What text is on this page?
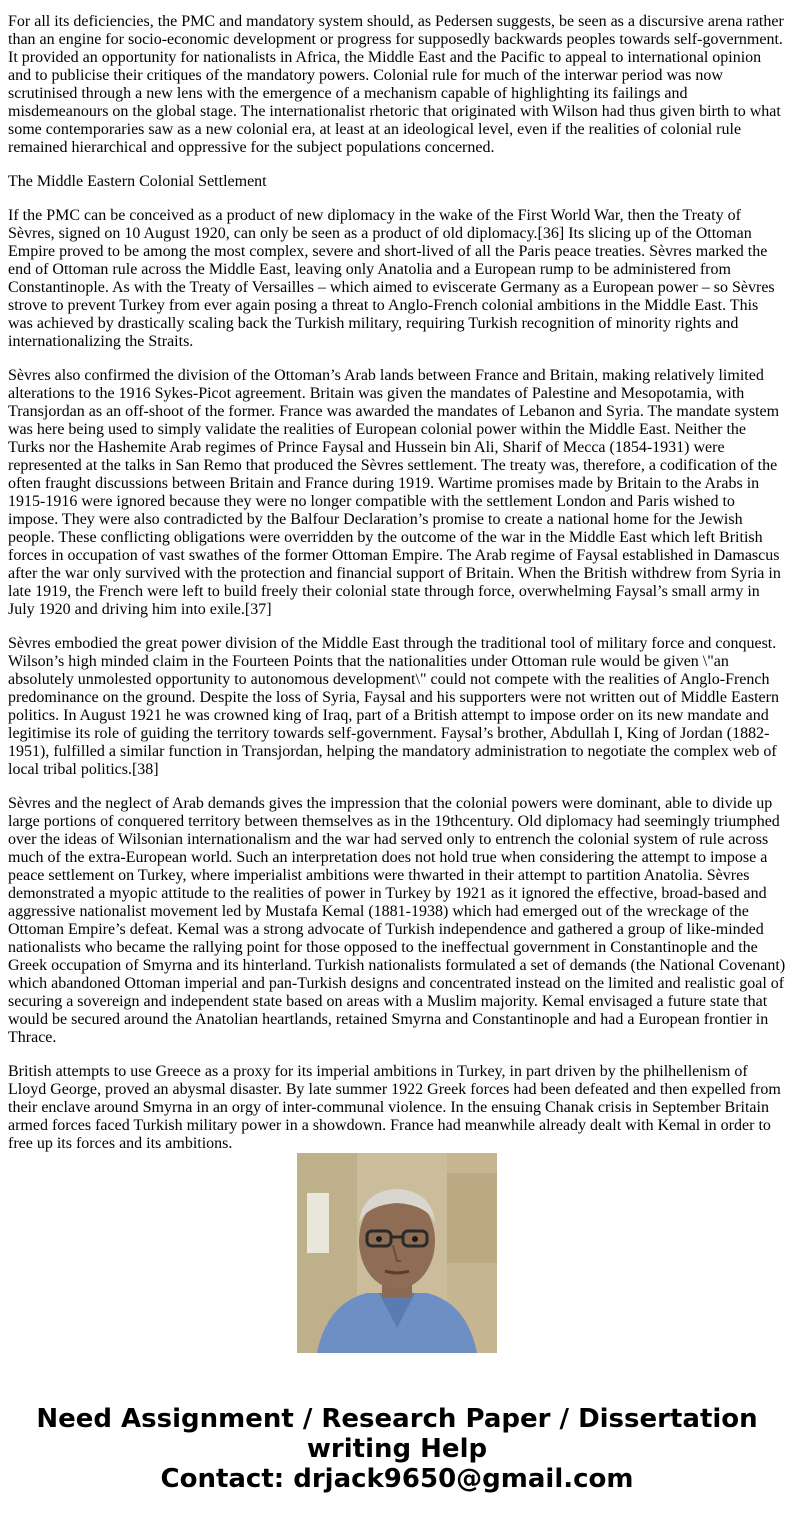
For all its deficiencies, the PMC and mandatory system should, as Pedersen suggests, be seen as a discursive arena rather than an engine for socio-economic development or progress for supposedly backwards peoples towards self-government. It provided an opportunity for nationalists in Africa, the Middle East and the Pacific to appeal to international opinion and to publicise their critiques of the mandatory powers. Colonial rule for much of the interwar period was now scrutinised through a new lens with the emergence of a mechanism capable of highlighting its failings and misdemeanours on the global stage. The internationalist rhetoric that originated with Wilson had thus given birth to what some contemporaries saw as a new colonial era, at least at an ideological level, even if the realities of colonial rule remained hierarchical and oppressive for the subject populations concerned.

The Middle Eastern Colonial Settlement

If the PMC can be conceived as a product of new diplomacy in the wake of the First World War, then the Treaty of Sèvres, signed on 10 August 1920, can only be seen as a product of old diplomacy.[36] Its slicing up of the Ottoman Empire proved to be among the most complex, severe and short-lived of all the Paris peace treaties. Sèvres marked the end of Ottoman rule across the Middle East, leaving only Anatolia and a European rump to be administered from Constantinople. As with the Treaty of Versailles – which aimed to eviscerate Germany as a European power – so Sèvres strove to prevent Turkey from ever again posing a threat to Anglo-French colonial ambitions in the Middle East. This was achieved by drastically scaling back the Turkish military, requiring Turkish recognition of minority rights and internationalizing the Straits.

Sèvres also confirmed the division of the Ottoman’s Arab lands between France and Britain, making relatively limited alterations to the 1916 Sykes-Picot agreement. Britain was given the mandates of Palestine and Mesopotamia, with Transjordan as an off-shoot of the former. France was awarded the mandates of Lebanon and Syria. The mandate system was here being used to simply validate the realities of European colonial power within the Middle East. Neither the Turks nor the Hashemite Arab regimes of Prince Faysal and Hussein bin Ali, Sharif of Mecca (1854-1931) were represented at the talks in San Remo that produced the Sèvres settlement. The treaty was, therefore, a codification of the often fraught discussions between Britain and France during 1919. Wartime promises made by Britain to the Arabs in 1915-1916 were ignored because they were no longer compatible with the settlement London and Paris wished to impose. They were also contradicted by the Balfour Declaration’s promise to create a national home for the Jewish people. These conflicting obligations were overridden by the outcome of the war in the Middle East which left British forces in occupation of vast swathes of the former Ottoman Empire. The Arab regime of Faysal established in Damascus after the war only survived with the protection and financial support of Britain. When the British withdrew from Syria in late 1919, the French were left to build freely their colonial state through force, overwhelming Faysal’s small army in July 1920 and driving him into exile.[37]

Sèvres embodied the great power division of the Middle East through the traditional tool of military force and conquest. Wilson’s high minded claim in the Fourteen Points that the nationalities under Ottoman rule would be given \"an absolutely unmolested opportunity to autonomous development\" could not compete with the realities of Anglo-French predominance on the ground. Despite the loss of Syria, Faysal and his supporters were not written out of Middle Eastern politics. In August 1921 he was crowned king of Iraq, part of a British attempt to impose order on its new mandate and legitimise its role of guiding the territory towards self-government. Faysal’s brother, Abdullah I, King of Jordan (1882-1951), fulfilled a similar function in Transjordan, helping the mandatory administration to negotiate the complex web of local tribal politics.[38]

Sèvres and the neglect of Arab demands gives the impression that the colonial powers were dominant, able to divide up large portions of conquered territory between themselves as in the 19thcentury. Old diplomacy had seemingly triumphed over the ideas of Wilsonian internationalism and the war had served only to entrench the colonial system of rule across much of the extra-European world. Such an interpretation does not hold true when considering the attempt to impose a peace settlement on Turkey, where imperialist ambitions were thwarted in their attempt to partition Anatolia. Sèvres demonstrated a myopic attitude to the realities of power in Turkey by 1921 as it ignored the effective, broad-based and aggressive nationalist movement led by Mustafa Kemal (1881-1938) which had emerged out of the wreckage of the Ottoman Empire’s defeat. Kemal was a strong advocate of Turkish independence and gathered a group of like-minded nationalists who became the rallying point for those opposed to the ineffectual government in Constantinople and the Greek occupation of Smyrna and its hinterland. Turkish nationalists formulated a set of demands (the National Covenant) which abandoned Ottoman imperial and pan-Turkish designs and concentrated instead on the limited and realistic goal of securing a sovereign and independent state based on areas with a Muslim majority. Kemal envisaged a future state that would be secured around the Anatolian heartlands, retained Smyrna and Constantinople and had a European frontier in Thrace.

British attempts to use Greece as a proxy for its imperial ambitions in Turkey, in part driven by the philhellenism of Lloyd George, proved an abysmal disaster. By late summer 1922 Greek forces had been defeated and then expelled from their enclave around Smyrna in an orgy of inter-communal violence. In the ensuing Chanak crisis in September Britain armed forces faced Turkish military power in a showdown. France had meanwhile already dealt with Kemal in order to free up its forces and its ambitions.

Need Assignment / Research Paper / Dissertation
writing Help
Contact: drjack9650@gmail.com
